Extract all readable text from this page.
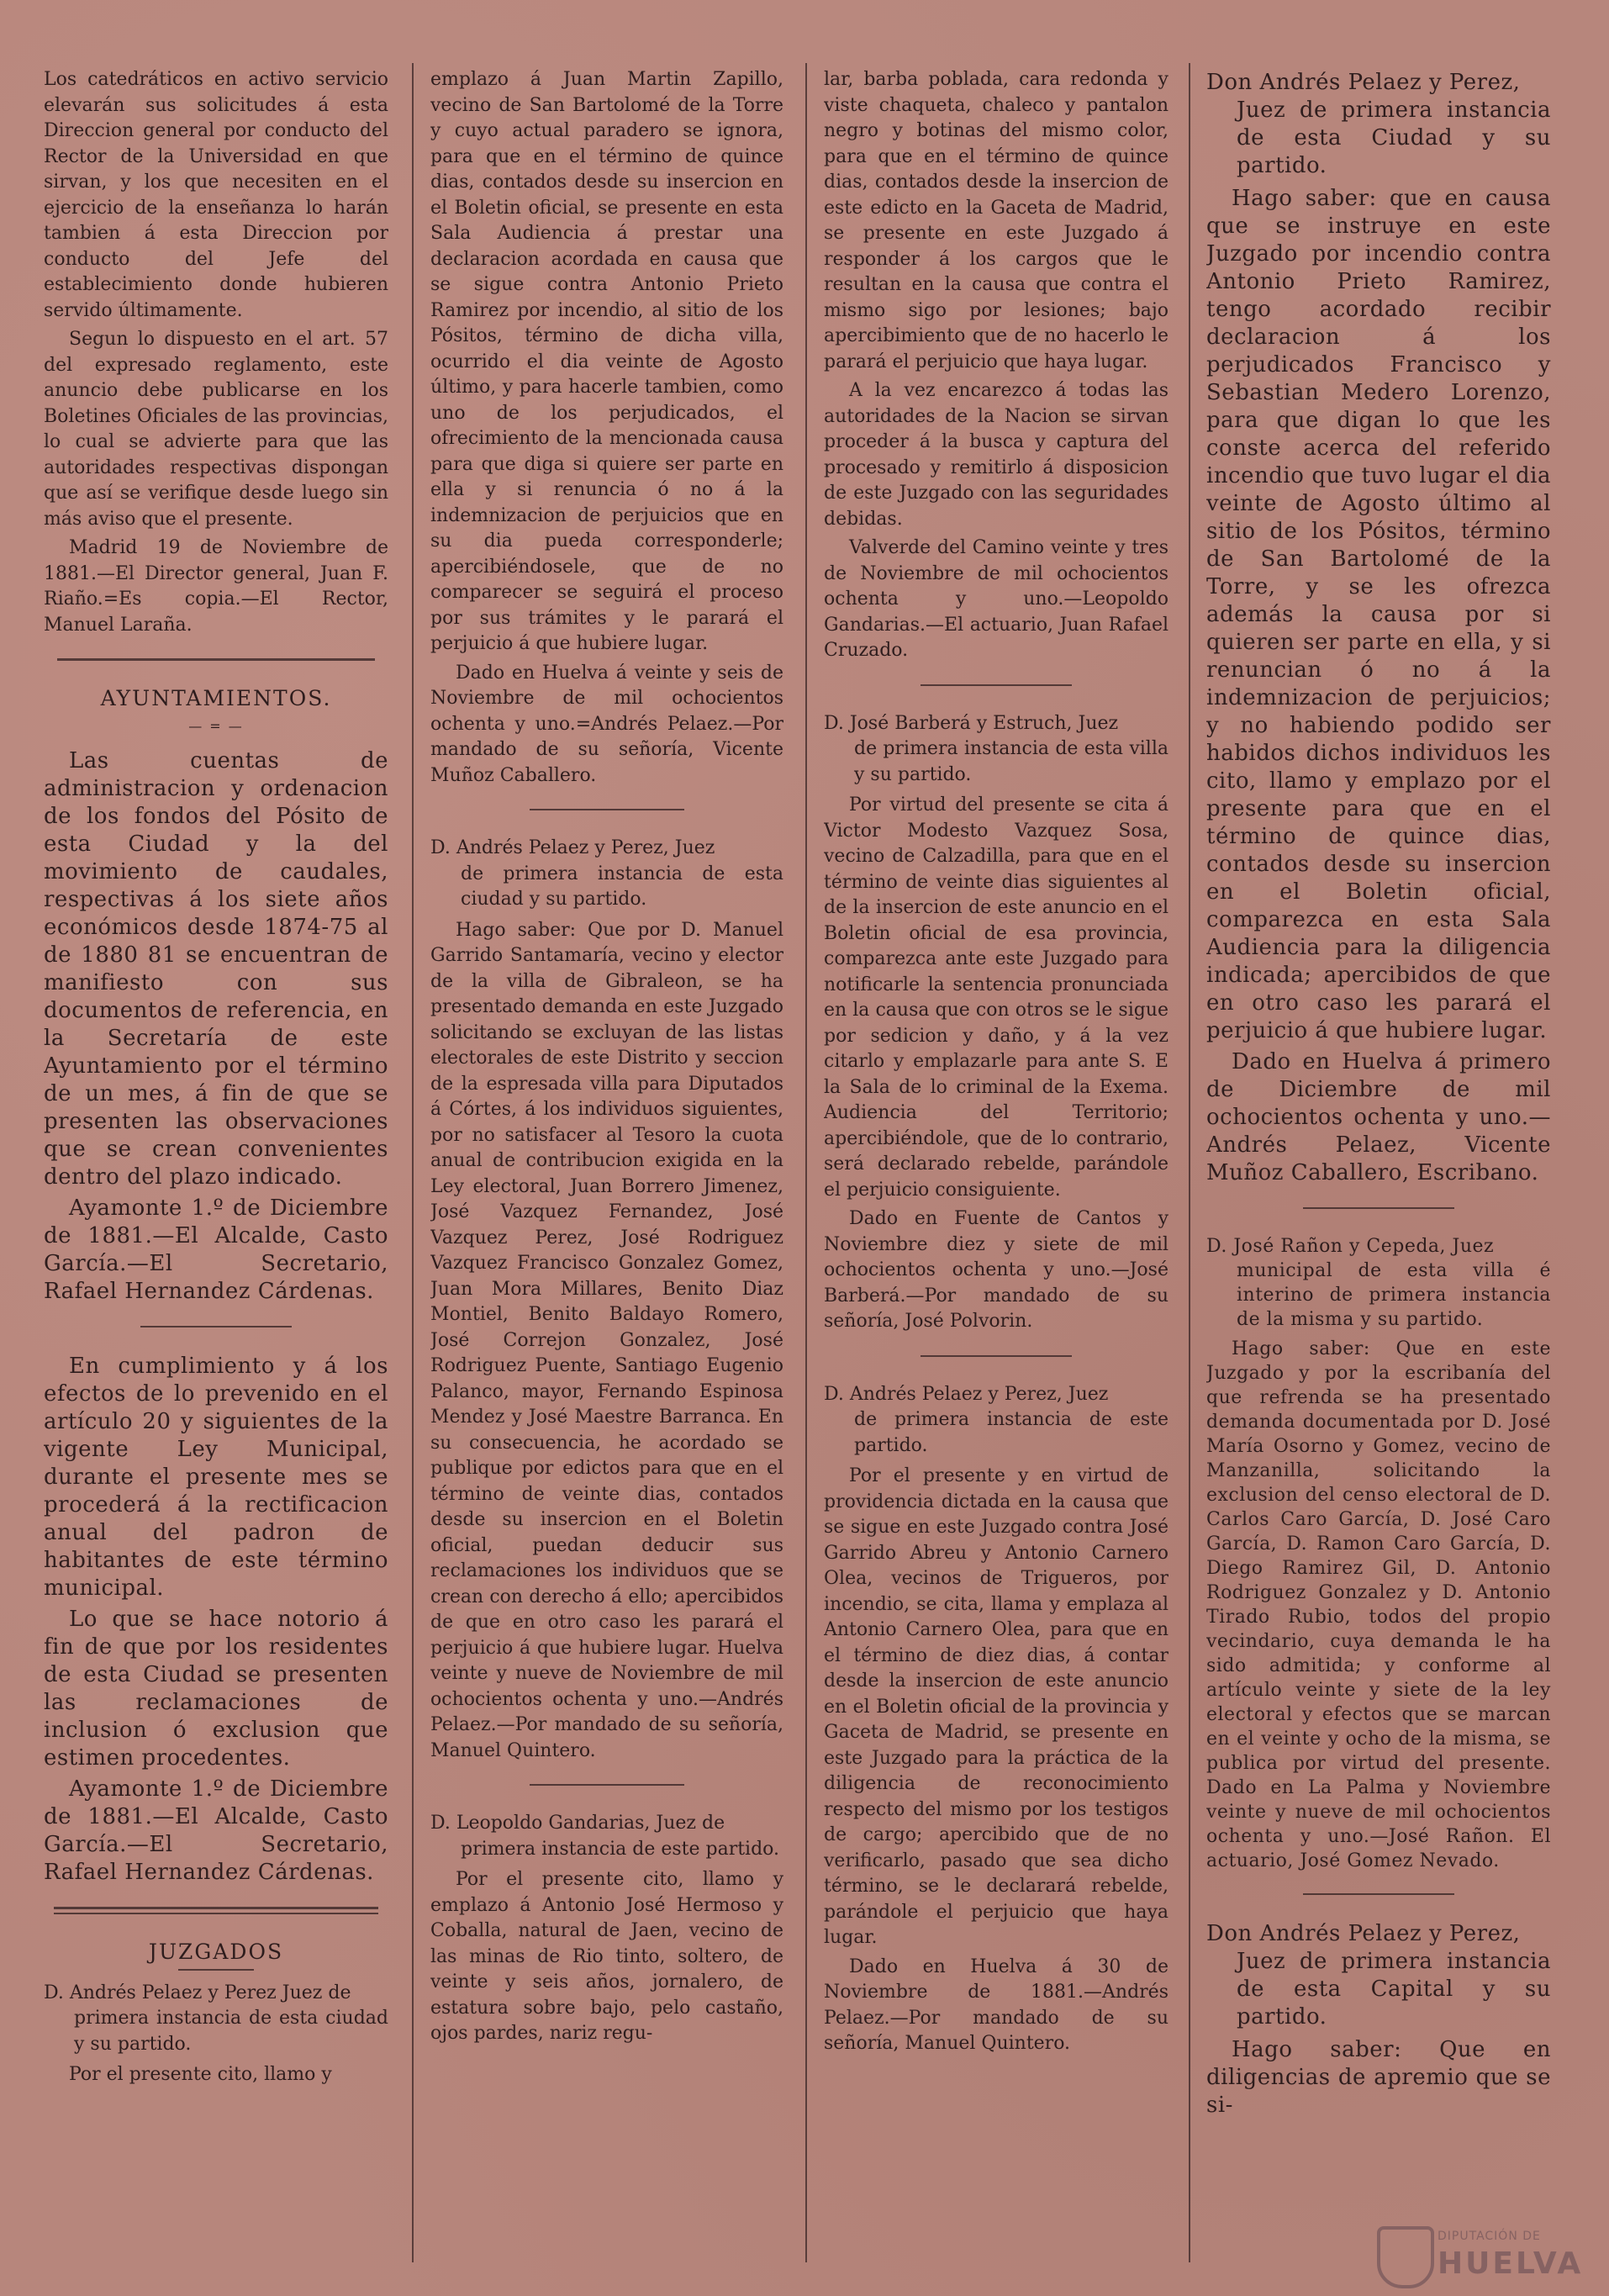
Los catedráticos en activo servicio elevarán sus solicitudes á esta Direccion general por conducto del Rector de la Universidad en que sirvan, y los que necesiten en el ejercicio de la enseñanza lo harán tambien á esta Direccion por conducto del Jefe del establecimiento donde hubieren servido últimamente.

Segun lo dispuesto en el art. 57 del expresado reglamento, este anuncio debe publicarse en los Boletines Oficiales de las provincias, lo cual se advierte para que las autoridades respectivas dispongan que así se verifique desde luego sin más aviso que el presente.

Madrid 19 de Noviembre de 1881.—El Director general, Juan F. Riaño.=Es copia.—El Rector, Manuel Laraña.

AYUNTAMIENTOS.
— = —

Las cuentas de administracion y ordenacion de los fondos del Pósito de esta Ciudad y la del movimiento de caudales, respectivas á los siete años económicos desde 1874-75 al de 1880 81 se encuentran de manifiesto con sus documentos de referencia, en la Secretaría de este Ayuntamiento por el término de un mes, á fin de que se presenten las observaciones que se crean convenientes dentro del plazo indicado.

Ayamonte 1.º de Diciembre de 1881.—El Alcalde, Casto García.—El Secretario, Rafael Hernandez Cárdenas.

En cumplimiento y á los efectos de lo prevenido en el artículo 20 y siguientes de la vigente Ley Municipal, durante el presente mes se procederá á la rectificacion anual del padron de habitantes de este término municipal.

Lo que se hace notorio á fin de que por los residentes de esta Ciudad se presenten las reclamaciones de inclusion ó exclusion que estimen procedentes.

Ayamonte 1.º de Diciembre de 1881.—El Alcalde, Casto García.—El Secretario, Rafael Hernandez Cárdenas.

JUZGADOS

D. Andrés Pelaez y Perez Juez de
primera instancia de esta ciudad y su partido.

Por el presente cito, llamo y

emplazo á Juan Martin Zapillo, vecino de San Bartolomé de la Torre y cuyo actual paradero se ignora, para que en el término de quince dias, contados desde su insercion en el Boletin oficial, se presente en esta Sala Audiencia á prestar una declaracion acordada en causa que se sigue contra Antonio Prieto Ramirez por incendio, al sitio de los Pósitos, término de dicha villa, ocurrido el dia veinte de Agosto último, y para hacerle tambien, como uno de los perjudicados, el ofrecimiento de la mencionada causa para que diga si quiere ser parte en ella y si renuncia ó no á la indemnizacion de perjuicios que en su dia pueda corresponderle; apercibiéndosele, que de no comparecer se seguirá el proceso por sus trámites y le parará el perjuicio á que hubiere lugar.

Dado en Huelva á veinte y seis de Noviembre de mil ochocientos ochenta y uno.=Andrés Pelaez.—Por mandado de su señoría, Vicente Muñoz Caballero.

D. Andrés Pelaez y Perez, Juez
de primera instancia de esta ciudad y su partido.

Hago saber: Que por D. Manuel Garrido Santamaría, vecino y elector de la villa de Gibraleon, se ha presentado demanda en este Juzgado solicitando se excluyan de las listas electorales de este Distrito y seccion de la espresada villa para Diputados á Córtes, á los individuos siguientes, por no satisfacer al Tesoro la cuota anual de contribucion exigida en la Ley electoral, Juan Borrero Jimenez, José Vazquez Fernandez, José Vazquez Perez, José Rodriguez Vazquez Francisco Gonzalez Gomez, Juan Mora Millares, Benito Diaz Montiel, Benito Baldayo Romero, José Correjon Gonzalez, José Rodriguez Puente, Santiago Eugenio Palanco, mayor, Fernando Espinosa Mendez y José Maestre Barranca. En su consecuencia, he acordado se publique por edictos para que en el término de veinte dias, contados desde su insercion en el Boletin oficial, puedan deducir sus reclamaciones los individuos que se crean con derecho á ello; apercibidos de que en otro caso les parará el perjuicio á que hubiere lugar. Huelva veinte y nueve de Noviembre de mil ochocientos ochenta y uno.—Andrés Pelaez.—Por mandado de su señoría, Manuel Quintero.

D. Leopoldo Gandarias, Juez de
primera instancia de este partido.

Por el presente cito, llamo y emplazo á Antonio José Hermoso y Coballa, natural de Jaen, vecino de las minas de Rio tinto, soltero, de veinte y seis años, jornalero, de estatura sobre bajo, pelo castaño, ojos pardes, nariz regu-

lar, barba poblada, cara redonda y viste chaqueta, chaleco y pantalon negro y botinas del mismo color, para que en el término de quince dias, contados desde la insercion de este edicto en la Gaceta de Madrid, se presente en este Juzgado á responder á los cargos que le resultan en la causa que contra el mismo sigo por lesiones; bajo apercibimiento que de no hacerlo le parará el perjuicio que haya lugar.

A la vez encarezco á todas las autoridades de la Nacion se sirvan proceder á la busca y captura del procesado y remitirlo á disposicion de este Juzgado con las seguridades debidas.

Valverde del Camino veinte y tres de Noviembre de mil ochocientos ochenta y uno.—Leopoldo Gandarias.—El actuario, Juan Rafael Cruzado.

D. José Barberá y Estruch, Juez
de primera instancia de esta villa y su partido.

Por virtud del presente se cita á Victor Modesto Vazquez Sosa, vecino de Calzadilla, para que en el término de veinte dias siguientes al de la insercion de este anuncio en el Boletin oficial de esa provincia, comparezca ante este Juzgado para notificarle la sentencia pronunciada en la causa que con otros se le sigue por sedicion y daño, y á la vez citarlo y emplazarle para ante S. E la Sala de lo criminal de la Exema. Audiencia del Territorio; apercibiéndole, que de lo contrario, será declarado rebelde, parándole el perjuicio consiguiente.

Dado en Fuente de Cantos y Noviembre diez y siete de mil ochocientos ochenta y uno.—José Barberá.—Por mandado de su señoría, José Polvorin.

D. Andrés Pelaez y Perez, Juez
de primera instancia de este partido.

Por el presente y en virtud de providencia dictada en la causa que se sigue en este Juzgado contra José Garrido Abreu y Antonio Carnero Olea, vecinos de Trigueros, por incendio, se cita, llama y emplaza al Antonio Carnero Olea, para que en el término de diez dias, á contar desde la insercion de este anuncio en el Boletin oficial de la provincia y Gaceta de Madrid, se presente en este Juzgado para la práctica de la diligencia de reconocimiento respecto del mismo por los testigos de cargo; apercibido que de no verificarlo, pasado que sea dicho término, se le declarará rebelde, parándole el perjuicio que haya lugar.

Dado en Huelva á 30 de Noviembre de 1881.—Andrés Pelaez.—Por mandado de su señoría, Manuel Quintero.

Don Andrés Pelaez y Perez,
Juez de primera instancia de esta Ciudad y su partido.

Hago saber: que en causa que se instruye en este Juzgado por incendio contra Antonio Prieto Ramirez, tengo acordado recibir declaracion á los perjudicados Francisco y Sebastian Medero Lorenzo, para que digan lo que les conste acerca del referido incendio que tuvo lugar el dia veinte de Agosto último al sitio de los Pósitos, término de San Bartolomé de la Torre, y se les ofrezca además la causa por si quieren ser parte en ella, y si renuncian ó no á la indemnizacion de perjuicios; y no habiendo podido ser habidos dichos individuos les cito, llamo y emplazo por el presente para que en el término de quince dias, contados desde su insercion en el Boletin oficial, comparezca en esta Sala Audiencia para la diligencia indicada; apercibidos de que en otro caso les parará el perjuicio á que hubiere lugar.

Dado en Huelva á primero de Diciembre de mil ochocientos ochenta y uno.—Andrés Pelaez, Vicente Muñoz Caballero, Escribano.

D. José Rañon y Cepeda, Juez
municipal de esta villa é interino de primera instancia de la misma y su partido.

Hago saber: Que en este Juzgado y por la escribanía del que refrenda se ha presentado demanda documentada por D. José María Osorno y Gomez, vecino de Manzanilla, solicitando la exclusion del censo electoral de D. Carlos Caro García, D. José Caro García, D. Ramon Caro García, D. Diego Ramirez Gil, D. Antonio Rodriguez Gonzalez y D. Antonio Tirado Rubio, todos del propio vecindario, cuya demanda le ha sido admitida; y conforme al artículo veinte y siete de la ley electoral y efectos que se marcan en el veinte y ocho de la misma, se publica por virtud del presente. Dado en La Palma y Noviembre veinte y nueve de mil ochocientos ochenta y uno.—José Rañon. El actuario, José Gomez Nevado.

Don Andrés Pelaez y Perez,
Juez de primera instancia de esta Capital y su partido.

Hago saber: Que en diligencias de apremio que se si-

DIPUTACIÓN DE
HUELVA
